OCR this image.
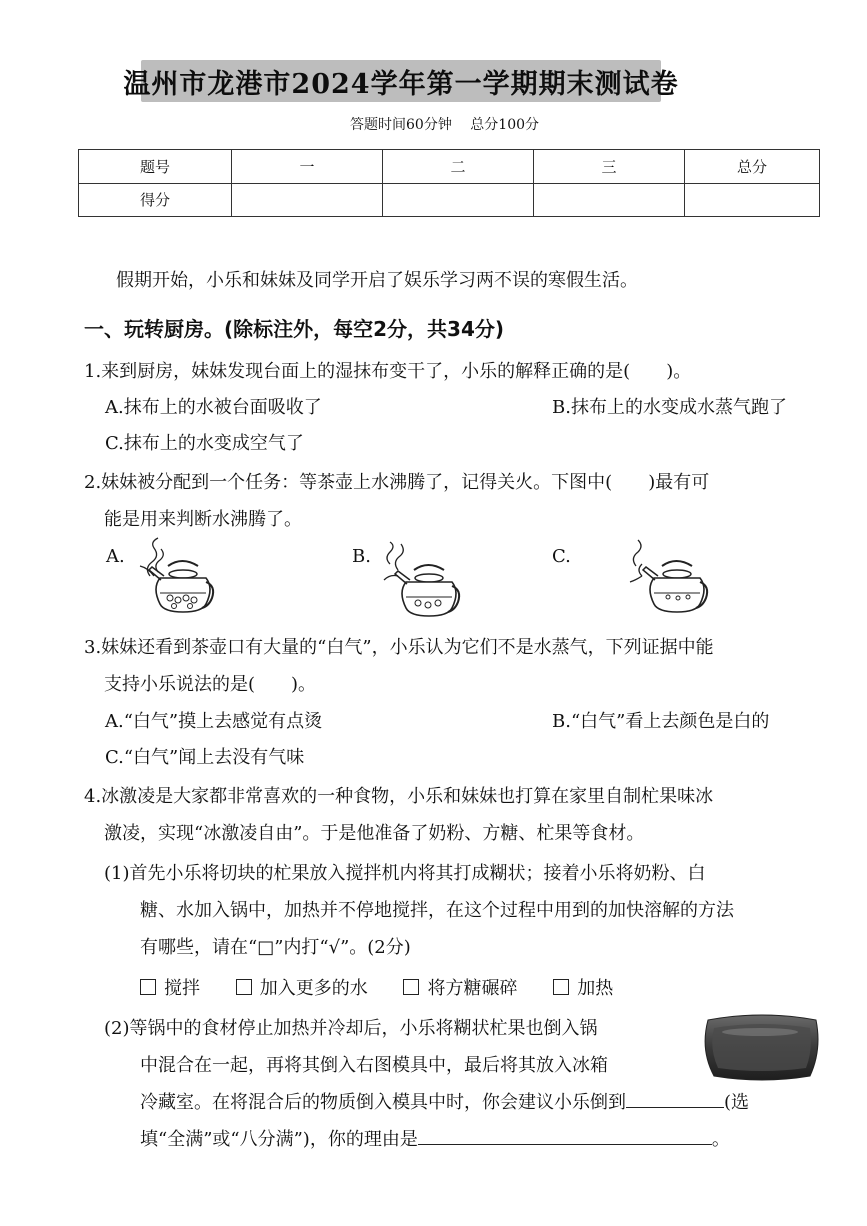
温州市龙港市2024学年第一学期期末测试卷
答题时间60分钟 总分100分
题号	一	二	三	总分
得分				
假期开始，小乐和妹妹及同学开启了娱乐学习两不误的寒假生活。
一、玩转厨房。(除标注外，每空2分，共34分)
1.来到厨房，妹妹发现台面上的湿抹布变干了，小乐的解释正确的是(　　)。
A.抹布上的水被台面吸收了	B.抹布上的水变成水蒸气跑了
C.抹布上的水变成空气了
2.妹妹被分配到一个任务：等茶壶上水沸腾了，记得关火。下图中(　　)最有可
能是用来判断水沸腾了。
A.	B.	C.
3.妹妹还看到茶壶口有大量的“白气”，小乐认为它们不是水蒸气，下列证据中能
支持小乐说法的是(　　)。
A.“白气”摸上去感觉有点烫	B.“白气”看上去颜色是白的
C.“白气”闻上去没有气味
4.冰激凌是大家都非常喜欢的一种食物，小乐和妹妹也打算在家里自制杧果味冰
激凌，实现“冰激凌自由”。于是他准备了奶粉、方糖、杧果等食材。
(1)首先小乐将切块的杧果放入搅拌机内将其打成糊状；接着小乐将奶粉、白
糖、水加入锅中，加热并不停地搅拌，在这个过程中用到的加快溶解的方法
有哪些，请在“□”内打“√”。(2分)
搅拌
	加入更多的水
	将方糖碾碎
	加热
(2)等锅中的食材停止加热并冷却后，小乐将糊状杧果也倒入锅
中混合在一起，再将其倒入右图模具中，最后将其放入冰箱
冷藏室。在将混合后的物质倒入模具中时，你会建议小乐倒到	(选
填“全满”或“八分满”)，你的理由是	。
